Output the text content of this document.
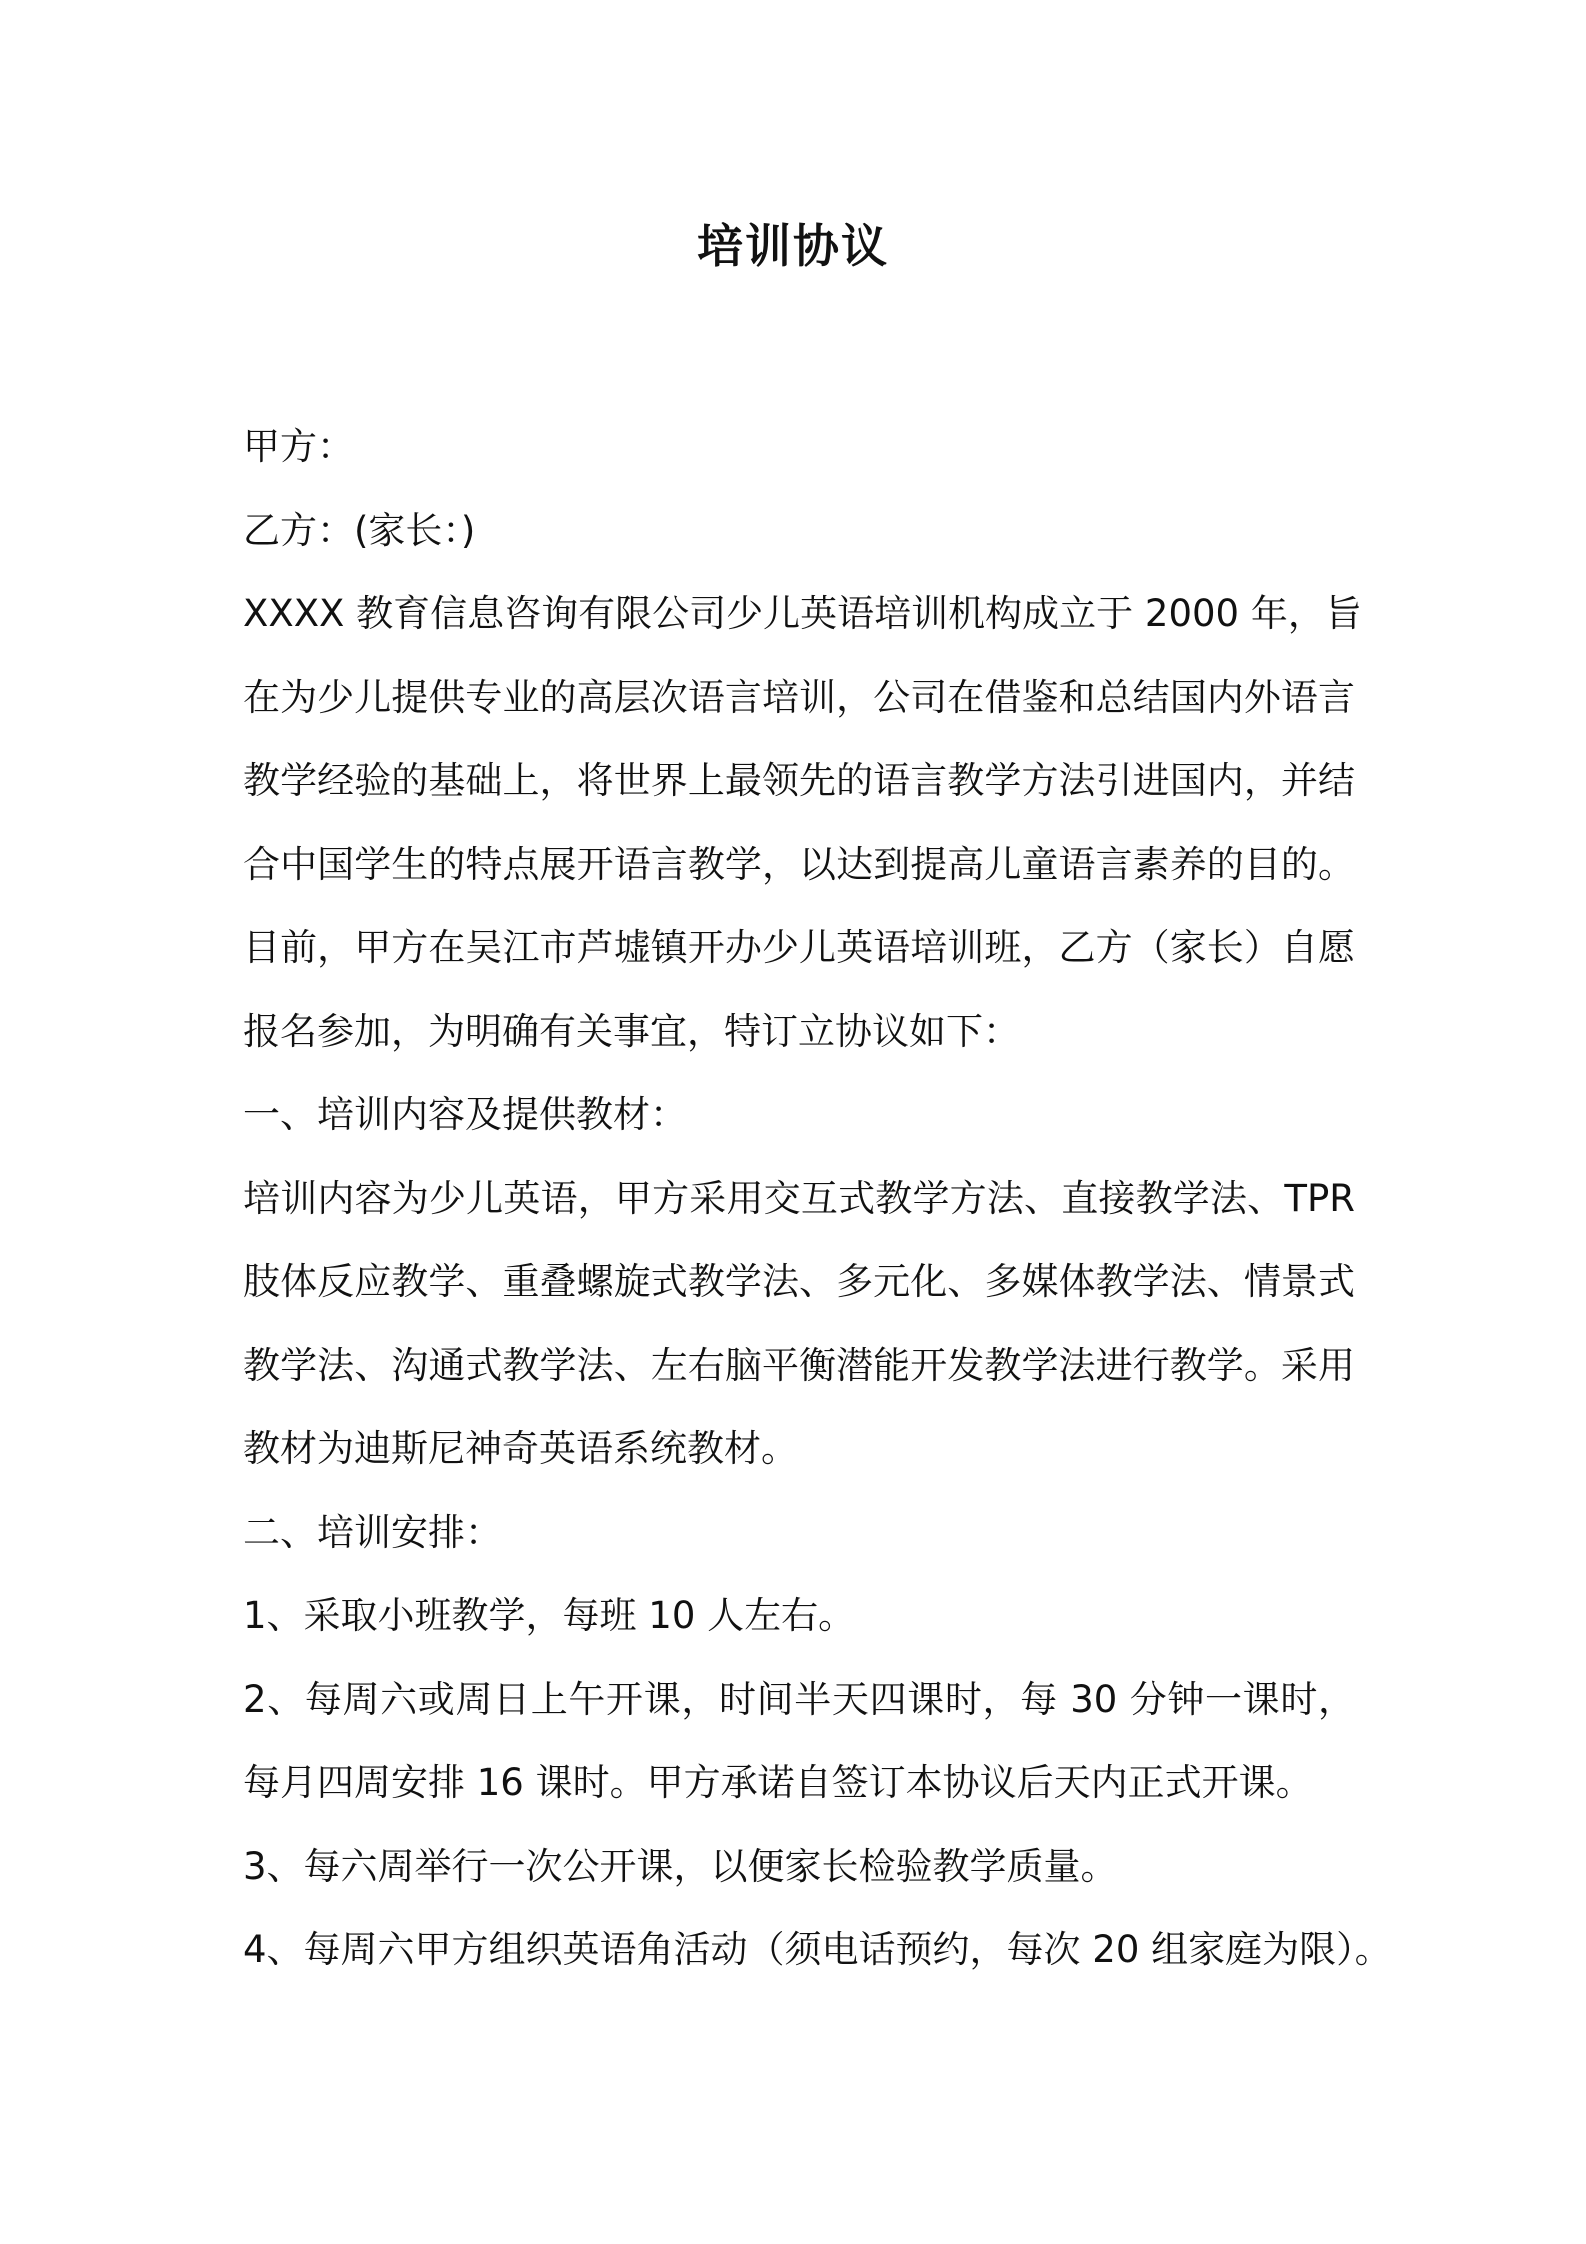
培训协议

甲方：

乙方：(家长：)

XXXX 教育信息咨询有限公司少儿英语培训机构成立于 2000 年，旨

在为少儿提供专业的高层次语言培训，公司在借鉴和总结国内外语言

教学经验的基础上，将世界上最领先的语言教学方法引进国内，并结

合中国学生的特点展开语言教学，以达到提高儿童语言素养的目的。

目前，甲方在吴江市芦墟镇开办少儿英语培训班，乙方（家长）自愿

报名参加，为明确有关事宜，特订立协议如下：

一、培训内容及提供教材：

培训内容为少儿英语，甲方采用交互式教学方法、直接教学法、TPR

肢体反应教学、重叠螺旋式教学法、多元化、多媒体教学法、情景式

教学法、沟通式教学法、左右脑平衡潜能开发教学法进行教学。采用

教材为迪斯尼神奇英语系统教材。

二、培训安排：

1、采取小班教学，每班 10 人左右。

2、每周六或周日上午开课，时间半天四课时，每 30 分钟一课时，

每月四周安排 16 课时。甲方承诺自签订本协议后天内正式开课。

3、每六周举行一次公开课，以便家长检验教学质量。

4、每周六甲方组织英语角活动（须电话预约，每次 20 组家庭为限）。
